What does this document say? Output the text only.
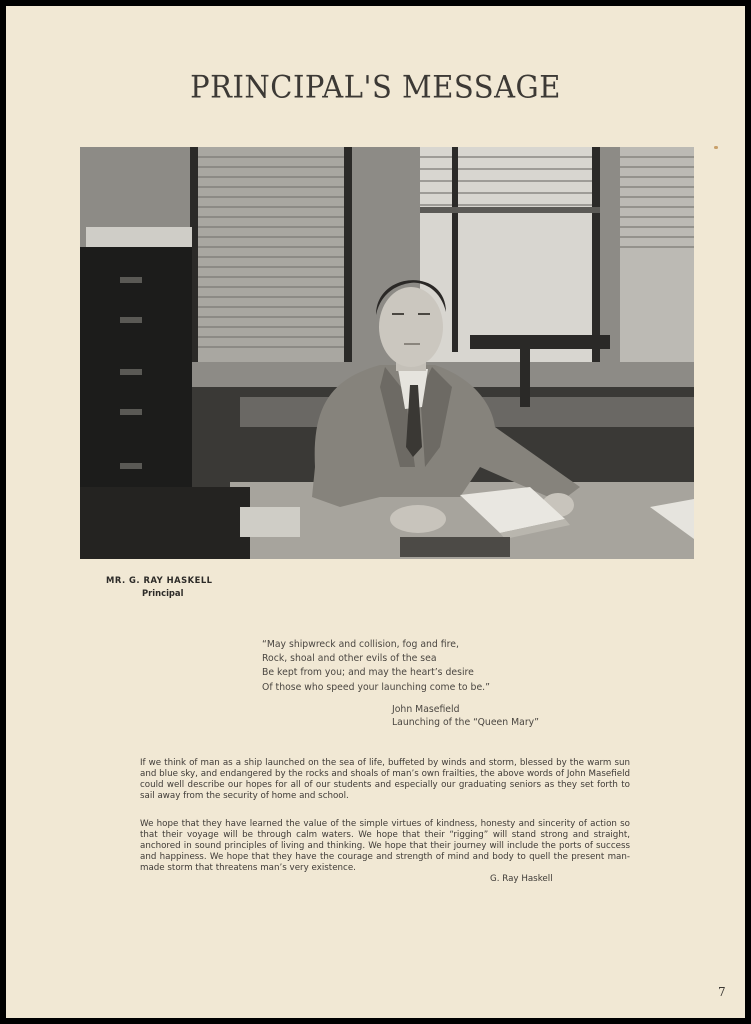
PRINCIPAL'S MESSAGE
MR. G. RAY HASKELL
Principal
“May shipwreck and collision, fog and fire,
Rock, shoal and other evils of the sea
Be kept from you; and may the heart’s desire
Of those who speed your launching come to be.”
John Masefield
Launching of the “Queen Mary”
If we think of man as a ship launched on the sea of life, buffeted by winds and storm, blessed by the warm sun and blue sky, and endangered by the rocks and shoals of man’s own frailties, the above words of John Masefield could well describe our hopes for all of our students and especially our graduating seniors as they set forth to sail away from the security of home and school.
We hope that they have learned the value of the simple virtues of kindness, honesty and sincerity of action so that their voyage will be through calm waters. We hope that their “rigging” will stand strong and straight, anchored in sound principles of living and thinking. We hope that their journey will include the ports of success and happiness. We hope that they have the courage and strength of mind and body to quell the present man-made storm that threatens man’s very existence.
G. Ray Haskell
7
